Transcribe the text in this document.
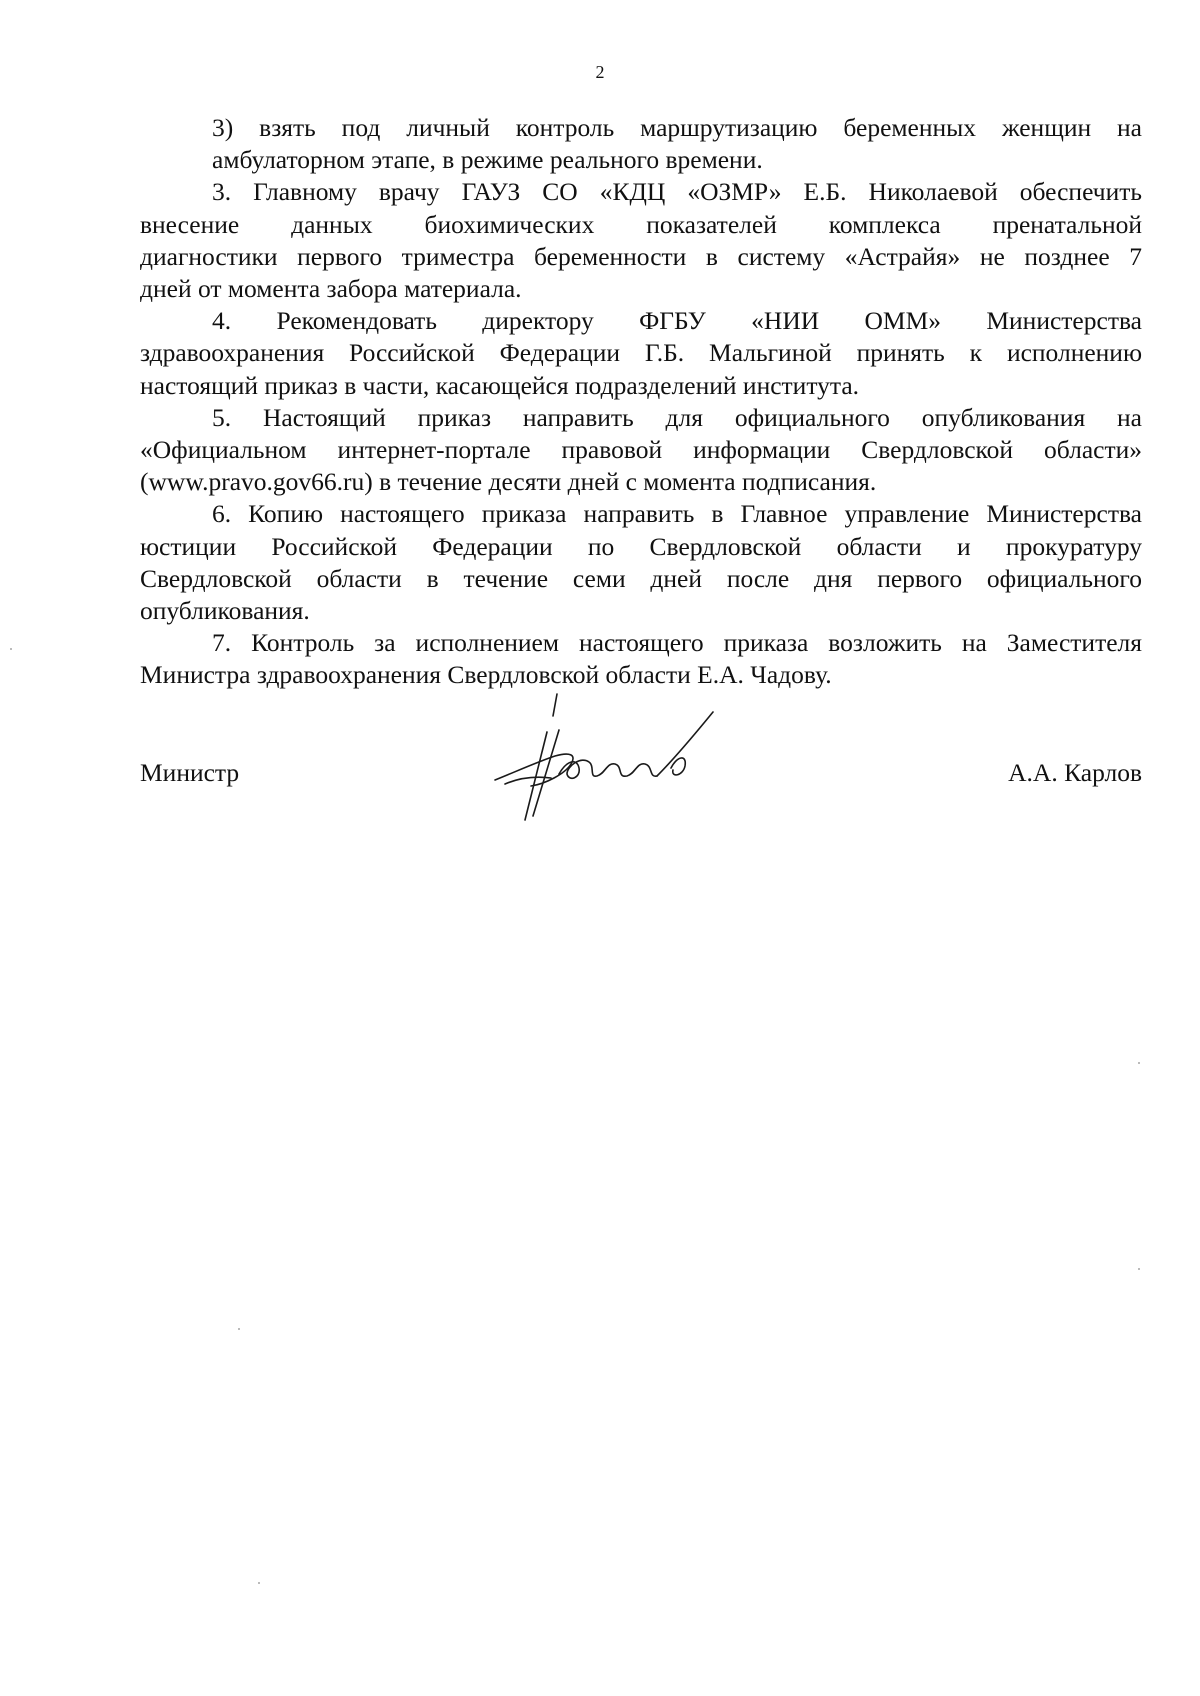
2

3) взять под личный контроль маршрутизацию беременных женщин на
амбулаторном этапе, в режиме реального времени.

3. Главному врачу ГАУЗ СО «КДЦ «ОЗМР» Е.Б. Николаевой обеспечить
внесение данных биохимических показателей комплекса пренатальной
диагностики первого триместра беременности в систему «Астрайя» не позднее 7
дней от момента забора материала.

4. Рекомендовать директору ФГБУ «НИИ ОММ» Министерства
здравоохранения Российской Федерации Г.Б. Мальгиной принять к исполнению
настоящий приказ в части, касающейся подразделений института.

5. Настоящий приказ направить для официального опубликования на
«Официальном интернет-портале правовой информации Свердловской области»
(www.pravo.gov66.ru) в течение десяти дней с момента подписания.

6. Копию настоящего приказа направить в Главное управление Министерства
юстиции Российской Федерации по Свердловской области и прокуратуру
Свердловской области в течение семи дней после дня первого официального
опубликования.

7. Контроль за исполнением настоящего приказа возложить на Заместителя
Министра здравоохранения Свердловской области Е.А. Чадову.

Министр	А.А. Карлов
